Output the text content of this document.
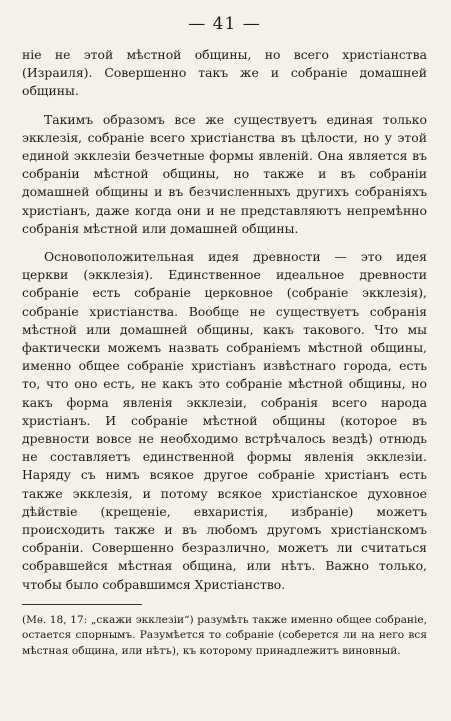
— 41 —

ніе не этой мѣстной общины, но всего христіанства (Израиля). Совершенно такъ же и собраніе домашней общины.

Такимъ образомъ все же существуетъ единая только экклезія, собраніе всего христіанства въ цѣлости, но у этой единой экклезіи безчетные формы явленій. Она является въ собраніи мѣстной общины, но также и въ собраніи домашней общины и въ безчисленныхъ другихъ собраніяхъ христіанъ, даже когда они и не представляютъ непремѣнно собранія мѣстной или домашней общины.

Основоположительная идея древности — это идея церкви (экклезія). Единственное идеальное древности собраніе есть собраніе церковное (собраніе экклезія), собраніе христіанства. Вообще не существуетъ собранія мѣстной или домашней общины, какъ такового. Что мы фактически можемъ назвать собраніемъ мѣстной общины, именно общее собраніе христіанъ извѣстнаго города, есть то, что оно есть, не какъ это собраніе мѣстной общины, но какъ форма явленія экклезіи, собранія всего народа христіанъ. И собраніе мѣстной общины (которое въ древности вовсе не необходимо встрѣчалось вездѣ) отнюдь не составляетъ единственной формы явленія экклезіи. Наряду съ нимъ всякое другое собраніе христіанъ есть также экклезія, и потому всякое христіанское духовное дѣйствіе (крещеніе, евхаристія, избраніе) можетъ происходить также и въ любомъ другомъ христіанскомъ собраніи. Совершенно безразлично, можетъ ли считаться собравшейся мѣстная община, или нѣтъ. Важно только, чтобы было собравшимся Христіанство.

(Мѳ. 18, 17: „скажи экклезіи“) разумѣть также именно общее собраніе, остается спорнымъ. Разумѣется то собраніе (соберется ли на него вся мѣстная община, или нѣтъ), къ которому принадлежитъ виновный.
